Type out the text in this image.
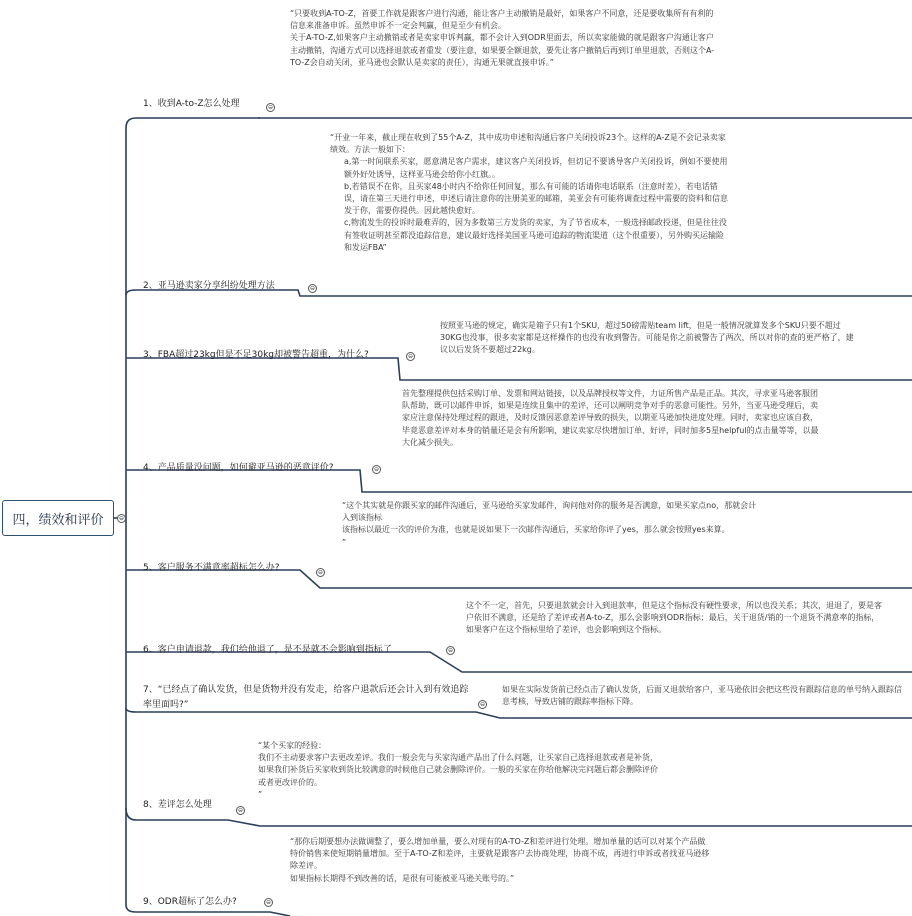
四，绩效和评价	⊖

“只要收到A-TO-Z，首要工作就是跟客户进行沟通，能让客户主动撤销是最好，如果客户不同意，还是要收集所有有利的信息来准备申诉。虽然申诉不一定会判赢，但是至少有机会。

关于A-TO-Z,如果客户主动撤销或者是卖家申诉判赢，都不会计入到ODR里面去，所以卖家能做的就是跟客户沟通让客户主动撤销，沟通方式可以选择退款或者重发（要注意，如果要全额退款，要先让客户撤销后再到订单里退款，否则这个A-TO-Z会自动关闭，亚马逊也会默认是卖家的责任），沟通无果就直接申诉。”

1、收到A-to-Z怎么处理	⊖

“开业一年来，截止现在收到了55个A-Z，其中成功申述和沟通后客户关闭投诉23个。这样的A-Z是不会记录卖家绩效。方法一般如下：

a,第一时间联系买家，愿意满足客户需求，建议客户关闭投诉，但切记不要诱导客户关闭投诉，例如不要使用额外好处诱导，这样亚马逊会给你小红旗。。

b,若错误不在你，且买家48小时内不给你任何回复，那么有可能的话请你电话联系（注意时差），若电话错误，请在第三天进行申述，申述后请注意你的注册美亚的邮箱，美亚会有可能将调查过程中需要的资料和信息发于你，需要你提供。因此越快愈好。

c,物流发生的投诉时最难弄的，因为多数第三方发货的卖家，为了节省成本，一般选择邮政投递，但是往往没有签收证明甚至都没追踪信息，建议最好选择美国亚马逊可追踪的物流渠道（这个很重要），另外购买运输险和发运FBA”

2、亚马逊卖家分享纠纷处理方法	⊖

按照亚马逊的规定，确实是箱子只有1个SKU，超过50磅需贴team lift，但是一般情况就算发多个SKU只要不超过30KG也没事，很多卖家都是这样操作的也没有收到警告。可能是你之前被警告了两次，所以对你的查的更严格了，建议以后发货不要超过22kg。

3、FBA超过23kg但是不足30kg却被警告超重，为什么?	⊖

首先整理提供包括采购订单、发票和网站链接，以及品牌授权等文件，力证所售产品是正品。其次，寻求亚马逊客服团队帮助，既可以邮件申诉，如果是连续且集中的差评，还可以阐明竞争对手的恶意可能性。另外，当亚马逊受理后，卖家应注意保持处理过程的跟进，及时反馈因恶意差评导致的损失，以期亚马逊加快进度处理。同时，卖家也应该自救，毕竟恶意差评对本身的销量还是会有所影响，建议卖家尽快增加订单、好评，同时加多5星helpful的点击量等等，以最大化减少损失。

4、产品质量没问题，如何避亚马逊的恶意评价?	⊖

“这个其实就是你跟买家的邮件沟通后，亚马逊给买家发邮件，询问他对你的服务是否满意，如果买家点no，那就会计入到该指标

该指标以最近一次的评价为准，也就是说如果下一次邮件沟通后，买家给你评了yes，那么就会按照yes来算。

”

5、客户服务不满意率超标怎么办?	⊖

这个不一定，首先，只要退款就会计入到退款率，但是这个指标没有硬性要求，所以也没关系；其次，退退了，要是客户依旧不满意，还是给了差评或者A-to-Z，那么会影响到ODR指标；最后，关于退货/销的一个退货不满意率的指标，如果客户在这个指标里给了差评，也会影响到这个指标。

6、客户申请退款，我们给他退了，是不是就不会影响到指标了	⊖
7、“已经点了确认发货，但是货物并没有发走，给客户退款后还会计入到有效追踪率里面吗?”	⊖

如果在实际发货前已经点击了确认发货，后面又退款给客户，亚马逊依旧会把这些没有跟踪信息的单号纳入跟踪信息考核，导致店铺的跟踪率指标下降。

“某个买家的经验：

我们不主动要求客户去更改差评。我们一般会先与买家沟通产品出了什么问题，让买家自己选择退款或者是补货，如果我们补货后买家收到货比较满意的时候他自己就会删除评价。一般的买家在你给他解决完问题后都会删除评价或者更改评价的。

”

8、差评怎么处理
⊖

“那你后期要想办法做调整了，要么增加单量，要么对现有的A-TO-Z和差评进行处理。增加单量的话可以对某个产品做特价销售来使短期销量增加。至于A-TO-Z和差评，主要就是跟客户去协商处理，协商不成，再进行申诉或者找亚马逊移除差评。

如果指标长期得不到改善的话，是很有可能被亚马逊关账号的。”

9、ODR超标了怎么办?	⊖
